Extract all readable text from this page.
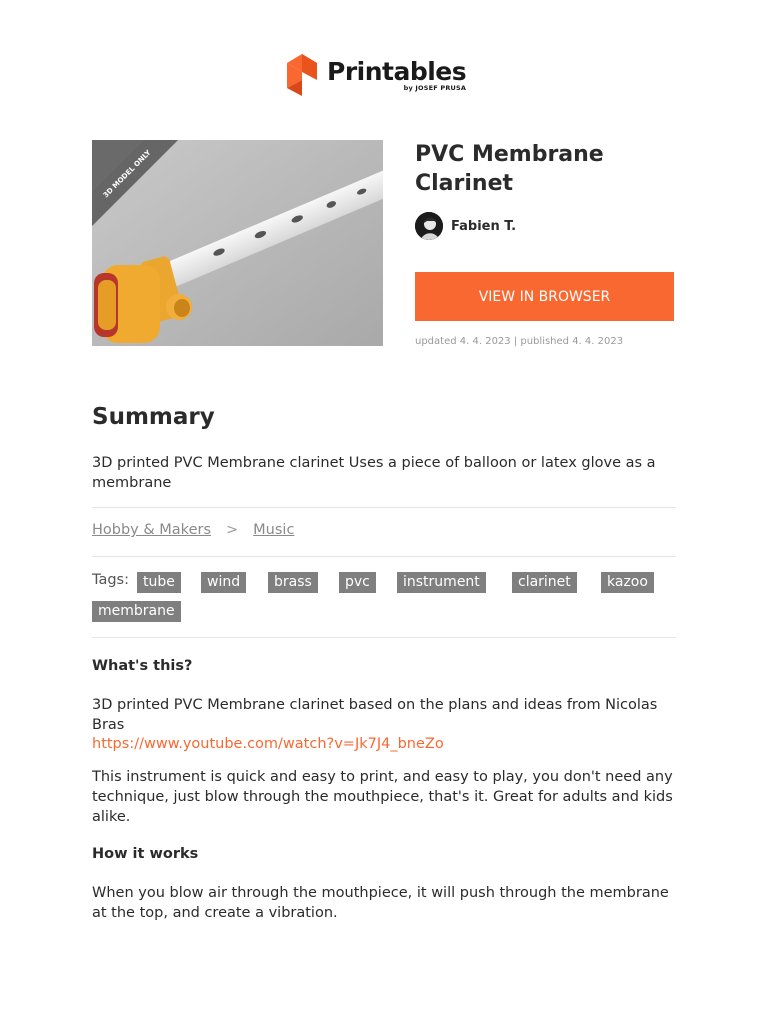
Printables
by JOSEF PRUSA
3D MODEL ONLY	PVC Membrane Clarinet
Fabien T.
VIEW IN BROWSER
updated 4. 4. 2023 | published 4. 4. 2023
Summary

3D printed PVC Membrane clarinet Uses a piece of balloon or latex glove as a membrane

Hobby & Makers > Music
Tags:	tube	wind	brass	pvc	instrument	clarinet	kazoo
membrane
What's this?

3D printed PVC Membrane clarinet based on the plans and ideas from Nicolas Bras

https://www.youtube.com/watch?v=Jk7J4_bneZo

This instrument is quick and easy to print, and easy to play, you don't need any technique, just blow through the mouthpiece, that's it. Great for adults and kids alike.

How it works

When you blow air through the mouthpiece, it will push through the membrane at the top, and create a vibration.
